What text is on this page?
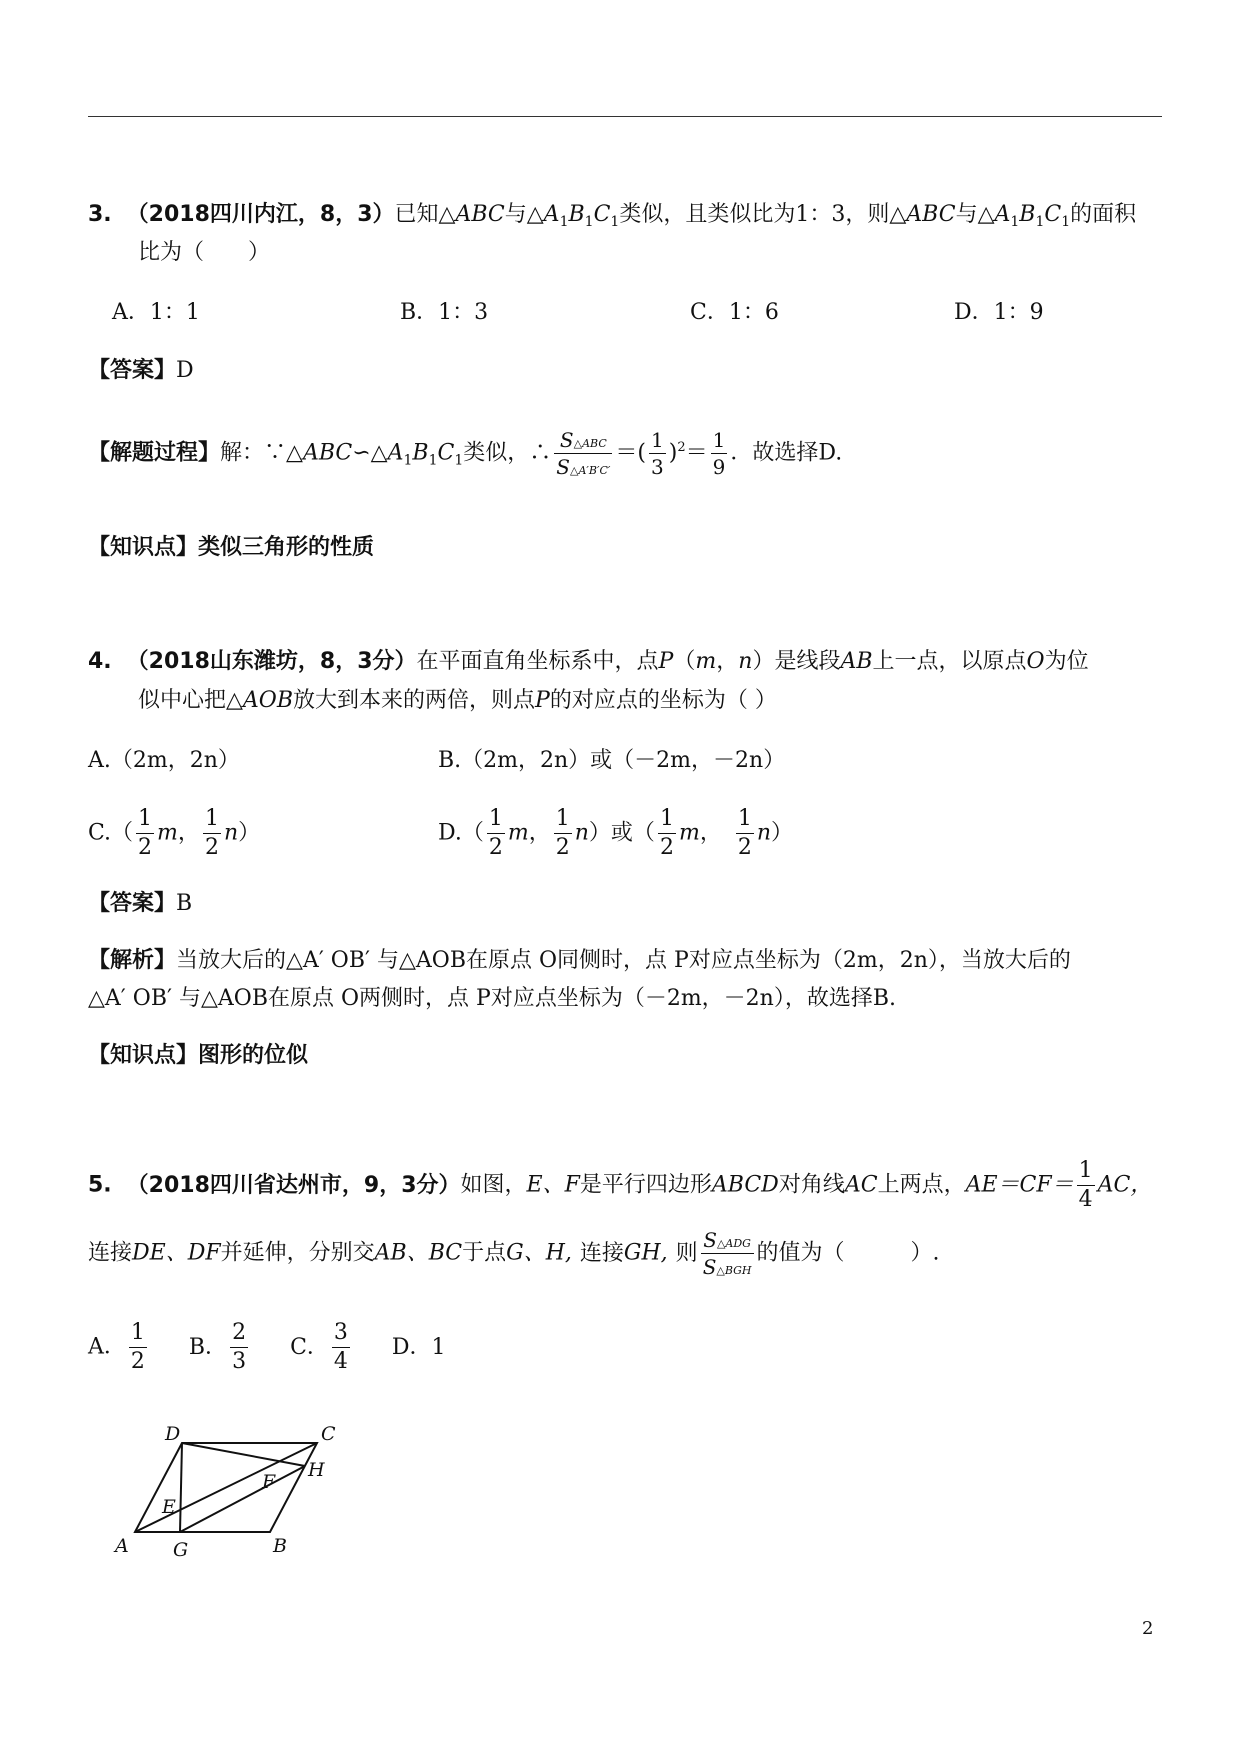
3. （2018四川内江，8，3）已知△ABC与$\triangle A_1B_1C_1$类似，且类似比为1：3，则△ABC与$\triangle A_1B_1C_1$的面积
比为（　　）
A．1：1	B．1：3	C．1：6	D．1：9
【答案】D
【解题过程】解：$\because\triangle ABC∽\triangle A_1B_1C_1$类似，∴ $\frac{\text{S△ABC}}{S\triangle A'B'C'}$ ＝( $\frac{1}{3} )^2= \frac{1}{9}$ ．故选择D.
【知识点】类似三角形的性质
4. （2018山东潍坊，8，3分）在平面直角坐标系中，点P（m，n）是线段AB上一点，以原点O为位
似中心把△AOB放大到本来的两倍，则点P的对应点的坐标为（ ）
A.（2m，2n）	B.（2m，2n）或（－2m，－2n）
$C.( \frac{1}{2}$ m， $\frac{1}{2} n$）	$D.( \frac{1}{2}$ m， $\frac{1}{2} n$）或（ $\frac{1}{2}$ m， $\frac{1}{2} n$）
【答案】B
【解析】当放大后的△A′ OB′ 与△AOB在原点 O同侧时，点 P对应点坐标为（2m，2n），当放大后的
△A′ OB′ 与△AOB在原点 O两侧时，点 P对应点坐标为（－2m，－2n），故选择B.
【知识点】图形的位似
5. （2018四川省达州市，9，3分）如图，E、F是平行四边形ABCD对角线AC上两点，$AE=CF= \frac{1}{4}$ AC，
连接DE、DF并延伸，分别交AB、BC于点G、H, 连接GH, 则 $\frac{\text{S△ADG}}{\text{S△BGH}}$ 的值为（　　　）.
A． $\frac{1}{2}$ B． $\frac{2}{3}$ C． $\frac{3}{4}$ D．1
D	C
H
F
E
A G	B
2
